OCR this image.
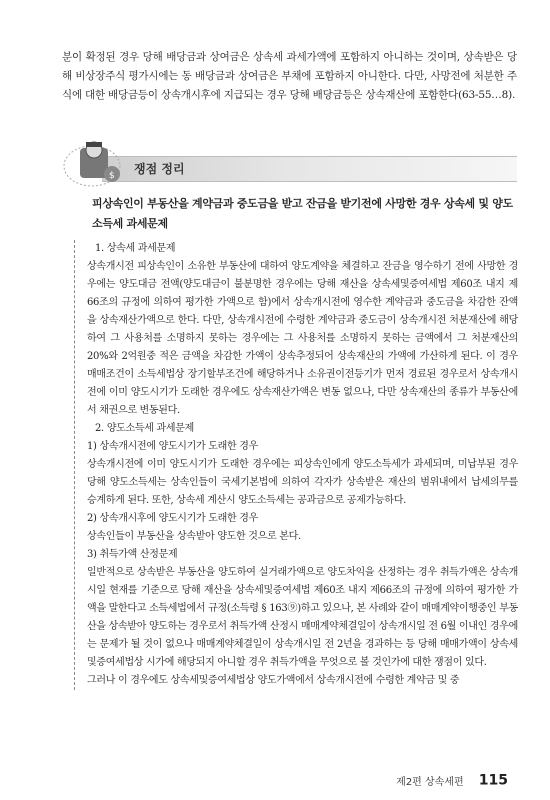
분이 확정된 경우 당해 배당금과 상여금은 상속세 과세가액에 포함하지 아니하는 것이며, 상속받은 당해 비상장주식 평가시에는 동 배당금과 상여금은 부채에 포함하지 아니한다. 다만, 사망전에 처분한 주식에 대한 배당금등이 상속개시후에 지급되는 경우 당해 배당금등은 상속재산에 포함한다(63-55…8).

$ 쟁점 정리
피상속인이 부동산을 계약금과 중도금을 받고 잔금을 받기전에 사망한 경우 상속세 및 양도소득세 과세문제

1. 상속세 과세문제

상속개시전 피상속인이 소유한 부동산에 대하여 양도계약을 체결하고 잔금을 영수하기 전에 사망한 경우에는 양도대금 전액(양도대금이 불분명한 경우에는 당해 재산을 상속세및증여세법 제60조 내지 제66조의 규정에 의하여 평가한 가액으로 함)에서 상속개시전에 영수한 계약금과 중도금을 차감한 잔액을 상속재산가액으로 한다. 다만, 상속개시전에 수령한 계약금과 중도금이 상속개시전 처분재산에 해당하여 그 사용처를 소명하지 못하는 경우에는 그 사용처를 소명하지 못하는 금액에서 그 처분재산의 20%와 2억원중 적은 금액을 차감한 가액이 상속추정되어 상속재산의 가액에 가산하게 된다. 이 경우 매매조건이 소득세법상 장기할부조건에 해당하거나 소유권이전등기가 먼저 경료된 경우로서 상속개시전에 이미 양도시기가 도래한 경우에도 상속재산가액은 변동 없으나, 다만 상속재산의 종류가 부동산에서 채권으로 변동된다.

2. 양도소득세 과세문제

1) 상속개시전에 양도시기가 도래한 경우

상속개시전에 이미 양도시기가 도래한 경우에는 피상속인에게 양도소득세가 과세되며, 미납부된 경우 당해 양도소득세는 상속인들이 국세기본법에 의하여 각자가 상속받은 재산의 범위내에서 납세의무를 승계하게 된다. 또한, 상속세 계산시 양도소득세는 공과금으로 공제가능하다.

2) 상속개시후에 양도시기가 도래한 경우

상속인들이 부동산을 상속받아 양도한 것으로 본다.

3) 취득가액 산정문제

일반적으로 상속받은 부동산을 양도하여 실거래가액으로 양도차익을 산정하는 경우 취득가액은 상속개시일 현재를 기준으로 당해 재산을 상속세및증여세법 제60조 내지 제66조의 규정에 의하여 평가한 가액을 말한다고 소득세법에서 규정(소득령 § 163⑨)하고 있으나, 본 사례와 같이 매매계약이행중인 부동산을 상속받아 양도하는 경우로서 취득가액 산정시 매매계약체결일이 상속개시일 전 6월 이내인 경우에는 문제가 될 것이 없으나 매매계약체결일이 상속개시일 전 2년을 경과하는 등 당해 매매가액이 상속세및증여세법상 시가에 해당되지 아니할 경우 취득가액을 무엇으로 볼 것인가에 대한 쟁점이 있다.

그러나 이 경우에도 상속세및증여세법상 양도가액에서 상속개시전에 수령한 계약금 및 중

제2편 상속세편 115
